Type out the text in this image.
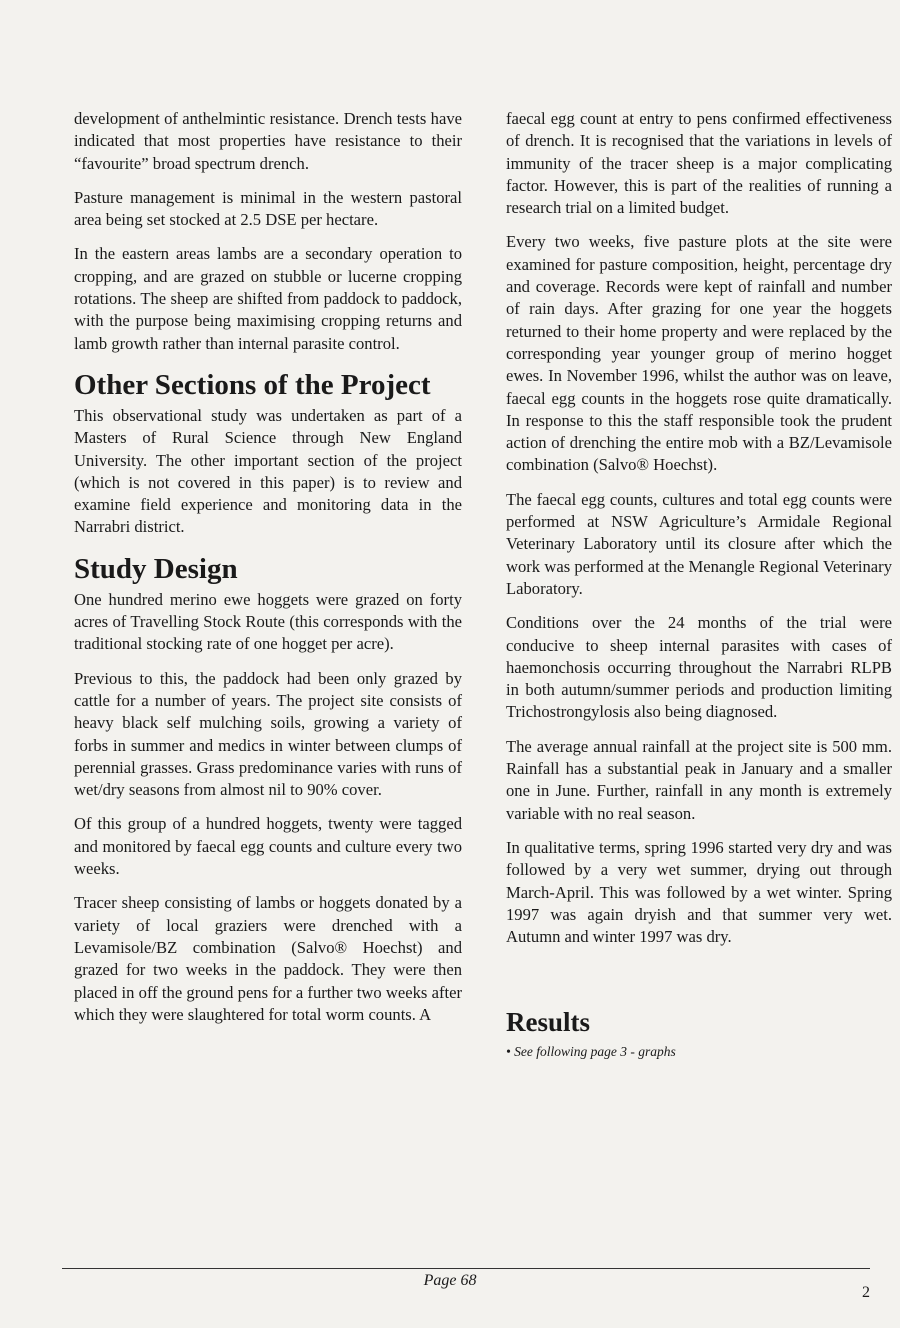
development of anthelmintic resistance. Drench tests have indicated that most properties have resistance to their “favourite” broad spectrum drench.

Pasture management is minimal in the western pastoral area being set stocked at 2.5 DSE per hectare.

In the eastern areas lambs are a secondary operation to cropping, and are grazed on stubble or lucerne cropping rotations. The sheep are shifted from paddock to paddock, with the purpose being maximising cropping returns and lamb growth rather than internal parasite control.

Other Sections of the Project

This observational study was undertaken as part of a Masters of Rural Science through New England University. The other important section of the project (which is not covered in this paper) is to review and examine field experience and monitoring data in the Narrabri district.

Study Design

One hundred merino ewe hoggets were grazed on forty acres of Travelling Stock Route (this corresponds with the traditional stocking rate of one hogget per acre).

Previous to this, the paddock had been only grazed by cattle for a number of years. The project site consists of heavy black self mulching soils, growing a variety of forbs in summer and medics in winter between clumps of perennial grasses. Grass predominance varies with runs of wet/dry seasons from almost nil to 90% cover.

Of this group of a hundred hoggets, twenty were tagged and monitored by faecal egg counts and culture every two weeks.

Tracer sheep consisting of lambs or hoggets donated by a variety of local graziers were drenched with a Levamisole/BZ combination (Salvo® Hoechst) and grazed for two weeks in the paddock. They were then placed in off the ground pens for a further two weeks after which they were slaughtered for total worm counts. A

faecal egg count at entry to pens confirmed effectiveness of drench. It is recognised that the variations in levels of immunity of the tracer sheep is a major complicating factor. However, this is part of the realities of running a research trial on a limited budget.

Every two weeks, five pasture plots at the site were examined for pasture composition, height, percentage dry and coverage. Records were kept of rainfall and number of rain days. After grazing for one year the hoggets returned to their home property and were replaced by the corresponding year younger group of merino hogget ewes. In November 1996, whilst the author was on leave, faecal egg counts in the hoggets rose quite dramatically. In response to this the staff responsible took the prudent action of drenching the entire mob with a BZ/Levamisole combination (Salvo® Hoechst).

The faecal egg counts, cultures and total egg counts were performed at NSW Agriculture’s Armidale Regional Veterinary Laboratory until its closure after which the work was performed at the Menangle Regional Veterinary Laboratory.

Conditions over the 24 months of the trial were conducive to sheep internal parasites with cases of haemonchosis occurring throughout the Narrabri RLPB in both autumn/summer periods and production limiting Trichostrongylosis also being diagnosed.

The average annual rainfall at the project site is 500 mm. Rainfall has a substantial peak in January and a smaller one in June. Further, rainfall in any month is extremely variable with no real season.

In qualitative terms, spring 1996 started very dry and was followed by a very wet summer, drying out through March-April. This was followed by a wet winter. Spring 1997 was again dryish and that summer very wet. Autumn and winter 1997 was dry.

Results
• See following page 3 - graphs
Page 68
2
